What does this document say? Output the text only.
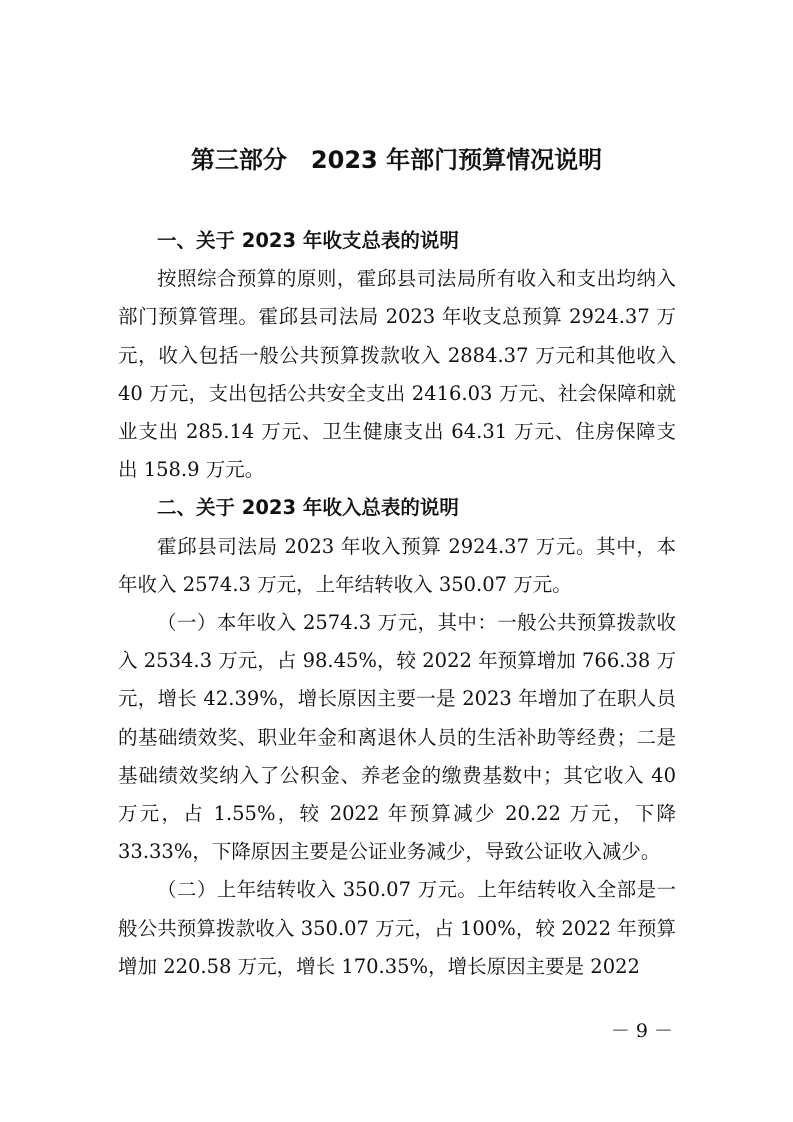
第三部分　2023 年部门预算情况说明
一、关于 2023 年收支总表的说明

按照综合预算的原则，霍邱县司法局所有收入和支出均纳入部门预算管理。霍邱县司法局 2023 年收支总预算 2924.37 万元，收入包括一般公共预算拨款收入 2884.37 万元和其他收入 40 万元，支出包括公共安全支出 2416.03 万元、社会保障和就业支出 285.14 万元、卫生健康支出 64.31 万元、住房保障支出 158.9 万元。

二、关于 2023 年收入总表的说明

霍邱县司法局 2023 年收入预算 2924.37 万元。其中，本年收入 2574.3 万元，上年结转收入 350.07 万元。

（一）本年收入 2574.3 万元，其中：一般公共预算拨款收入 2534.3 万元，占 98.45%，较 2022 年预算增加 766.38 万元，增长 42.39%，增长原因主要一是 2023 年增加了在职人员的基础绩效奖、职业年金和离退休人员的生活补助等经费；二是基础绩效奖纳入了公积金、养老金的缴费基数中；其它收入 40 万元，占 1.55%，较 2022 年预算减少 20.22 万元，下降 33.33%，下降原因主要是公证业务减少，导致公证收入减少。

（二）上年结转收入 350.07 万元。上年结转收入全部是一般公共预算拨款收入 350.07 万元，占 100%，较 2022 年预算增加 220.58 万元，增长 170.35%，增长原因主要是 2022

－ 9 －
